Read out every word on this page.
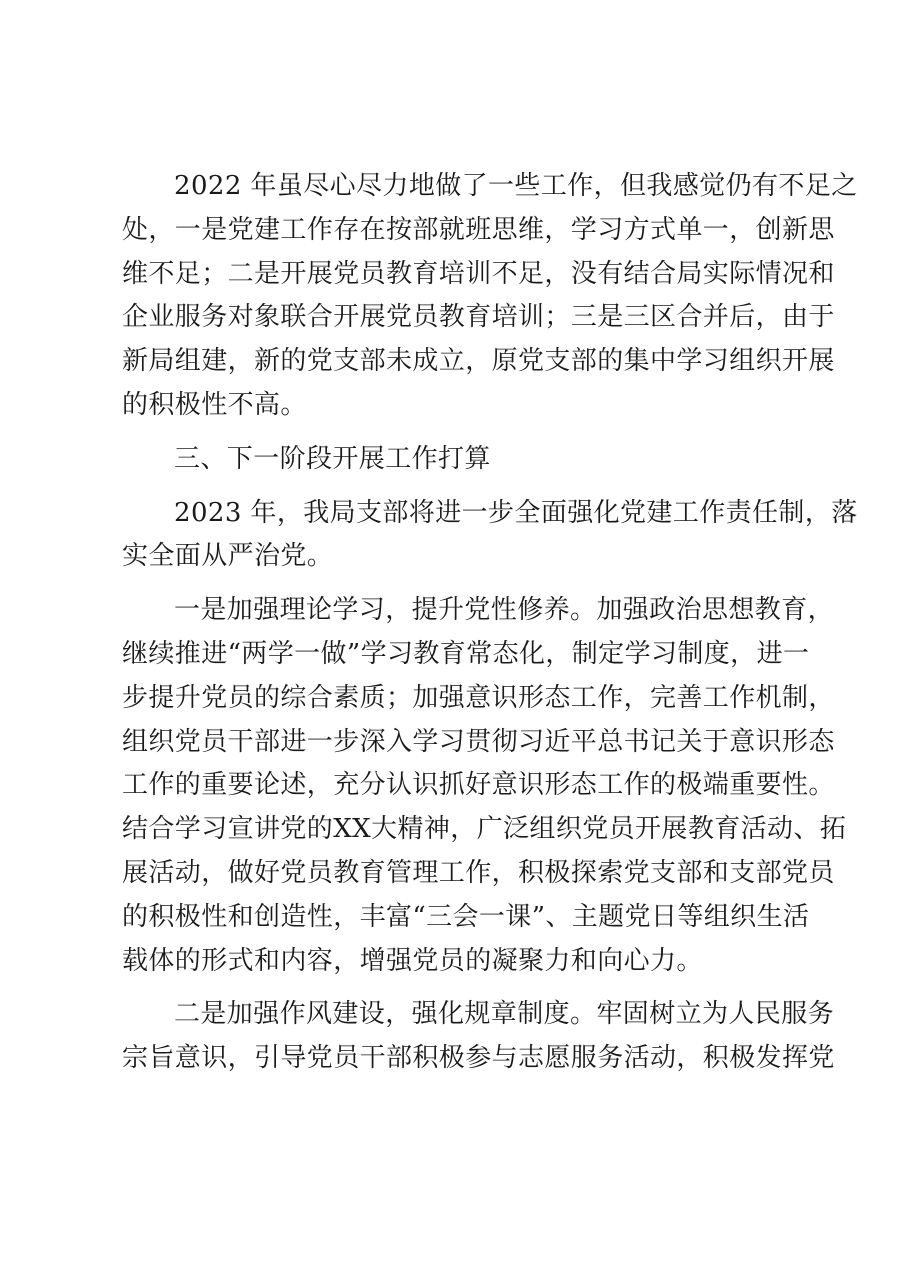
2022 年虽尽心尽力地做了一些工作，但我感觉仍有不足之
处，一是党建工作存在按部就班思维，学习方式单一，创新思
维不足；二是开展党员教育培训不足，没有结合局实际情况和
企业服务对象联合开展党员教育培训；三是三区合并后，由于
新局组建，新的党支部未成立，原党支部的集中学习组织开展
的积极性不高。
三、下一阶段开展工作打算
2023 年，我局支部将进一步全面强化党建工作责任制，落
实全面从严治党。
一是加强理论学习，提升党性修养。加强政治思想教育，
继续推进“两学一做”学习教育常态化，制定学习制度，进一
步提升党员的综合素质；加强意识形态工作，完善工作机制，
组织党员干部进一步深入学习贯彻习近平总书记关于意识形态
工作的重要论述，充分认识抓好意识形态工作的极端重要性。
结合学习宣讲党的XX大精神，广泛组织党员开展教育活动、拓
展活动，做好党员教育管理工作，积极探索党支部和支部党员
的积极性和创造性，丰富“三会一课”、主题党日等组织生活
载体的形式和内容，增强党员的凝聚力和向心力。
二是加强作风建设，强化规章制度。牢固树立为人民服务
宗旨意识，引导党员干部积极参与志愿服务活动，积极发挥党
